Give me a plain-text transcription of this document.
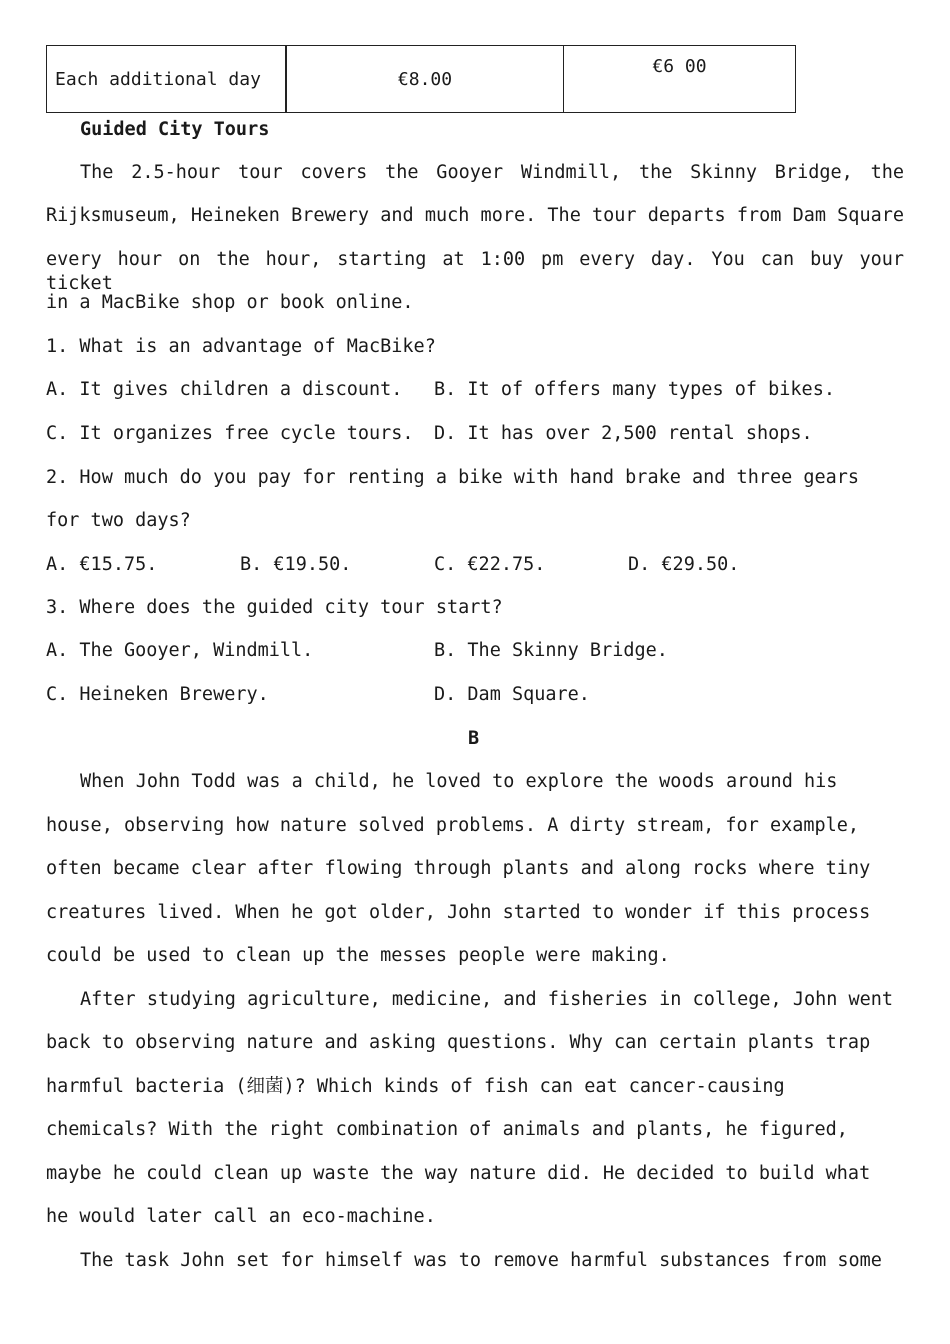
Each additional day	€8.00	€6 00
Guided City Tours
The 2.5-hour tour covers the Gooyer Windmill, the Skinny Bridge, the
Rijksmuseum, Heineken Brewery and much more. The tour departs from Dam Square
every hour on the hour, starting at 1:00 pm every day. You can buy your ticket
in a MacBike shop or book online.
1. What is an advantage of MacBike?
A. It gives children a discount. B. It of offers many types of bikes.
C. It organizes free cycle tours. D. It has over 2,500 rental shops.
2. How much do you pay for renting a bike with hand brake and three gears
for two days?
A. €15.75.	B. €19.50.	C. €22.75.	D. €29.50.
3. Where does the guided city tour start?
A. The Gooyer, Windmill.	B. The Skinny Bridge.
C. Heineken Brewery.	D. Dam Square.
B
When John Todd was a child, he loved to explore the woods around his
house, observing how nature solved problems. A dirty stream, for example,
often became clear after flowing through plants and along rocks where tiny
creatures lived. When he got older, John started to wonder if this process
could be used to clean up the messes people were making.
After studying agriculture, medicine, and fisheries in college, John went
back to observing nature and asking questions. Why can certain plants trap
harmful bacteria (细菌)? Which kinds of fish can eat cancer-causing
chemicals? With the right combination of animals and plants, he figured,
maybe he could clean up waste the way nature did. He decided to build what
he would later call an eco-machine.
The task John set for himself was to remove harmful substances from some
